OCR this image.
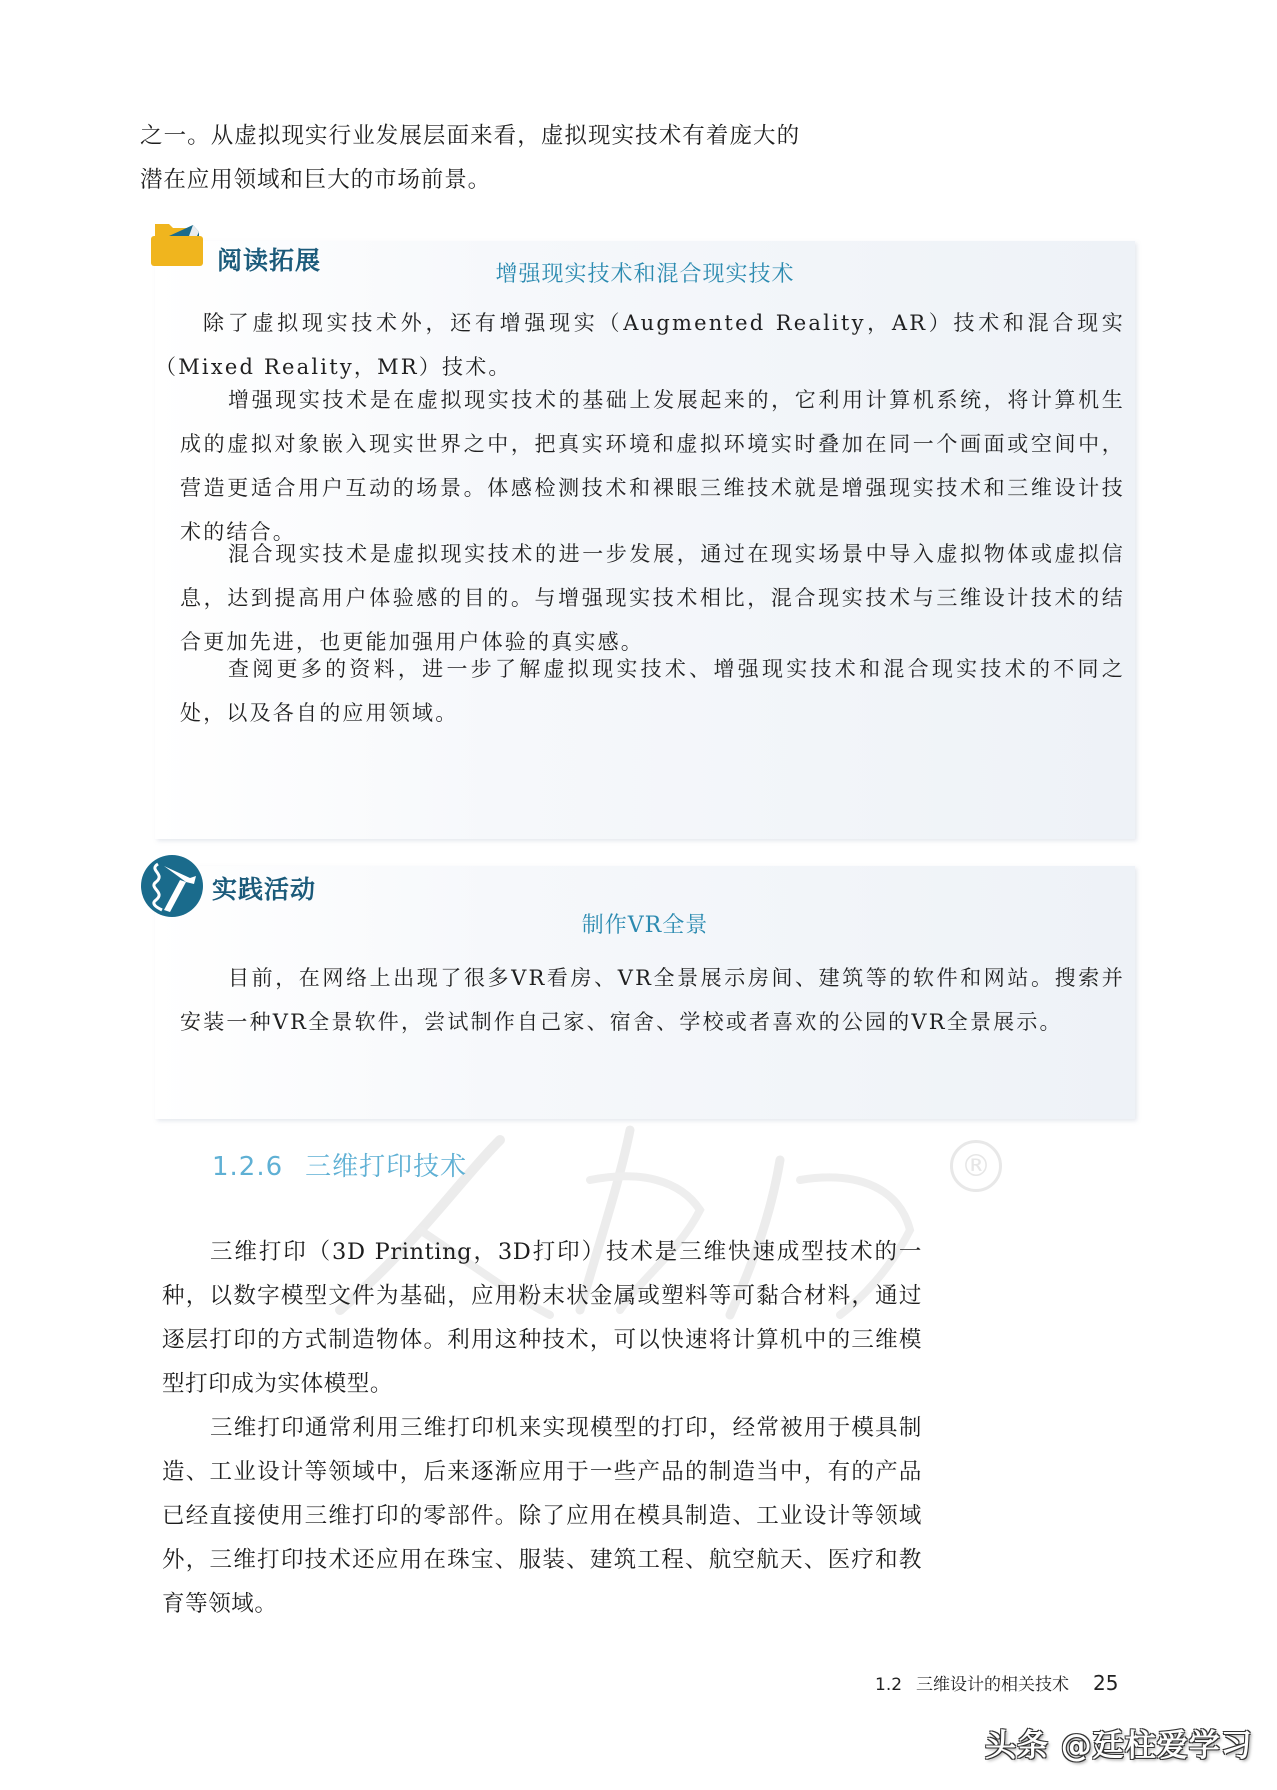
之一。从虚拟现实行业发展层面来看，虚拟现实技术有着庞大的潜在应用领域和巨大的市场前景。

阅读拓展	增强现实技术和混合现实技术

除了虚拟现实技术外，还有增强现实（Augmented Reality，AR）技术和混合现实（Mixed Reality，MR）技术。

增强现实技术是在虚拟现实技术的基础上发展起来的，它利用计算机系统，将计算机生成的虚拟对象嵌入现实世界之中，把真实环境和虚拟环境实时叠加在同一个画面或空间中，营造更适合用户互动的场景。体感检测技术和裸眼三维技术就是增强现实技术和三维设计技术的结合。

混合现实技术是虚拟现实技术的进一步发展，通过在现实场景中导入虚拟物体或虚拟信息，达到提高用户体验感的目的。与增强现实技术相比，混合现实技术与三维设计技术的结合更加先进，也更能加强用户体验的真实感。

查阅更多的资料，进一步了解虚拟现实技术、增强现实技术和混合现实技术的不同之处，以及各自的应用领域。

实践活动
制作VR全景

目前，在网络上出现了很多VR看房、VR全景展示房间、建筑等的软件和网站。搜索并安装一种VR全景软件，尝试制作自己家、宿舍、学校或者喜欢的公园的VR全景展示。

®
1.2.6 三维打印技术

三维打印（3D Printing，3D打印）技术是三维快速成型技术的一种，以数字模型文件为基础，应用粉末状金属或塑料等可黏合材料，通过逐层打印的方式制造物体。利用这种技术，可以快速将计算机中的三维模型打印成为实体模型。

三维打印通常利用三维打印机来实现模型的打印，经常被用于模具制造、工业设计等领域中，后来逐渐应用于一些产品的制造当中，有的产品已经直接使用三维打印的零部件。除了应用在模具制造、工业设计等领域外，三维打印技术还应用在珠宝、服装、建筑工程、航空航天、医疗和教育等领域。

1.2 三维设计的相关技术 25
头条 @廷柱爱学习
